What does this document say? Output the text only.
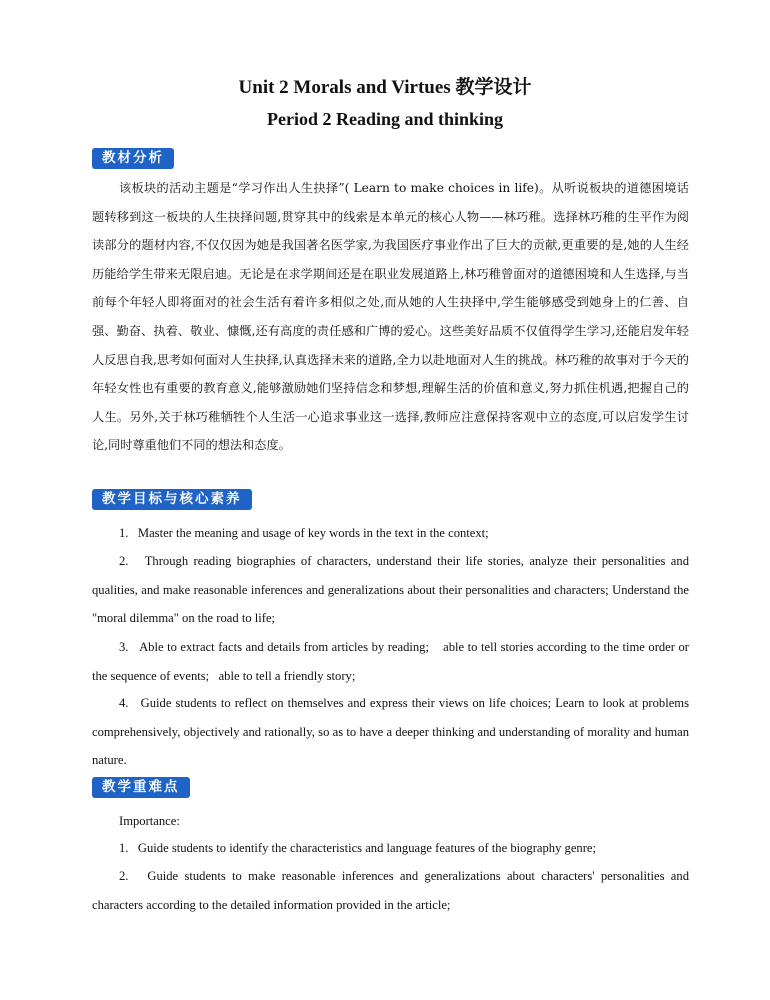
Unit 2 Morals and Virtues 教学设计
Period 2 Reading and thinking
教材分析
该板块的活动主题是“学习作出人生抉择”( Learn to make choices in life)。从听说板块的道德困境话题转移到这一板块的人生抉择问题,贯穿其中的线索是本单元的核心人物——林巧稚。选择林巧稚的生平作为阅读部分的题材内容,不仅仅因为她是我国著名医学家,为我国医疗事业作出了巨大的贡献,更重要的是,她的人生经历能给学生带来无限启迪。无论是在求学期间还是在职业发展道路上,林巧稚曾面对的道德困境和人生选择,与当前每个年轻人即将面对的社会生活有着许多相似之处,而从她的人生抉择中,学生能够感受到她身上的仁善、自强、勤奋、执着、敬业、慷慨,还有高度的责任感和广博的爱心。这些美好品质不仅值得学生学习,还能启发年轻人反思自我,思考如何面对人生抉择,认真选择未来的道路,全力以赴地面对人生的挑战。林巧稚的故事对于今天的年轻女性也有重要的教育意义,能够激励她们坚持信念和梦想,理解生活的价值和意义,努力抓住机遇,把握自己的人生。另外,关于林巧稚牺牲个人生活一心追求事业这一选择,教师应注意保持客观中立的态度,可以启发学生讨论,同时尊重他们不同的想法和态度。
教学目标与核心素养
1.   Master the meaning and usage of key words in the text in the context;
2.   Through reading biographies of characters, understand their life stories, analyze their personalities and qualities, and make reasonable inferences and generalizations about their personalities and characters; Understand the "moral dilemma" on the road to life;
3.   Able to extract facts and details from articles by reading;    able to tell stories according to the time order or the sequence of events;   able to tell a friendly story;
4.   Guide students to reflect on themselves and express their views on life choices; Learn to look at problems comprehensively, objectively and rationally, so as to have a deeper thinking and understanding of morality and human nature.
教学重难点
Importance:
1.   Guide students to identify the characteristics and language features of the biography genre;
2.   Guide students to make reasonable inferences and generalizations about characters' personalities and characters according to the detailed information provided in the article;
